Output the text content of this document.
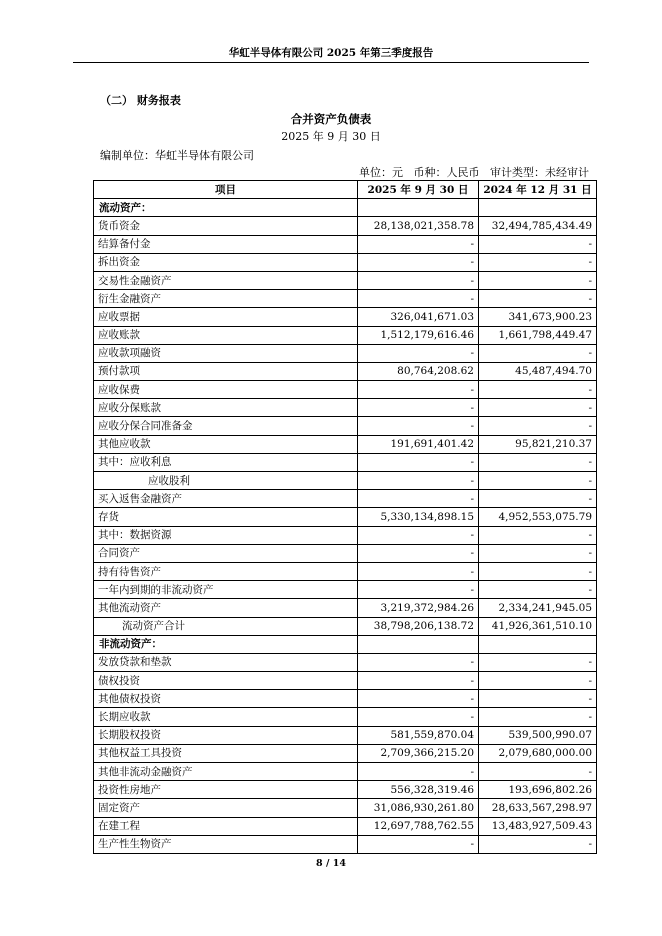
华虹半导体有限公司 2025 年第三季度报告
（二） 财务报表
合并资产负债表
2025 年 9 月 30 日
编制单位：华虹半导体有限公司
单位：元   币种：人民币   审计类型：未经审计
项目	2025 年 9 月 30 日	2024 年 12 月 31 日
流动资产：		
货币资金	28,138,021,358.78	32,494,785,434.49
结算备付金	-	-
拆出资金	-	-
交易性金融资产	-	-
衍生金融资产	-	-
应收票据	326,041,671.03	341,673,900.23
应收账款	1,512,179,616.46	1,661,798,449.47
应收款项融资	-	-
预付款项	80,764,208.62	45,487,494.70
应收保费	-	-
应收分保账款	-	-
应收分保合同准备金	-	-
其他应收款	191,691,401.42	95,821,210.37
其中：应收利息	-	-
应收股利	-	-
买入返售金融资产	-	-
存货	5,330,134,898.15	4,952,553,075.79
其中：数据资源	-	-
合同资产	-	-
持有待售资产	-	-
一年内到期的非流动资产	-	-
其他流动资产	3,219,372,984.26	2,334,241,945.05
流动资产合计	38,798,206,138.72	41,926,361,510.10
非流动资产：		
发放贷款和垫款	-	-
债权投资	-	-
其他债权投资	-	-
长期应收款	-	-
长期股权投资	581,559,870.04	539,500,990.07
其他权益工具投资	2,709,366,215.20	2,079,680,000.00
其他非流动金融资产	-	-
投资性房地产	556,328,319.46	193,696,802.26
固定资产	31,086,930,261.80	28,633,567,298.97
在建工程	12,697,788,762.55	13,483,927,509.43
生产性生物资产	-	-
8 / 14
